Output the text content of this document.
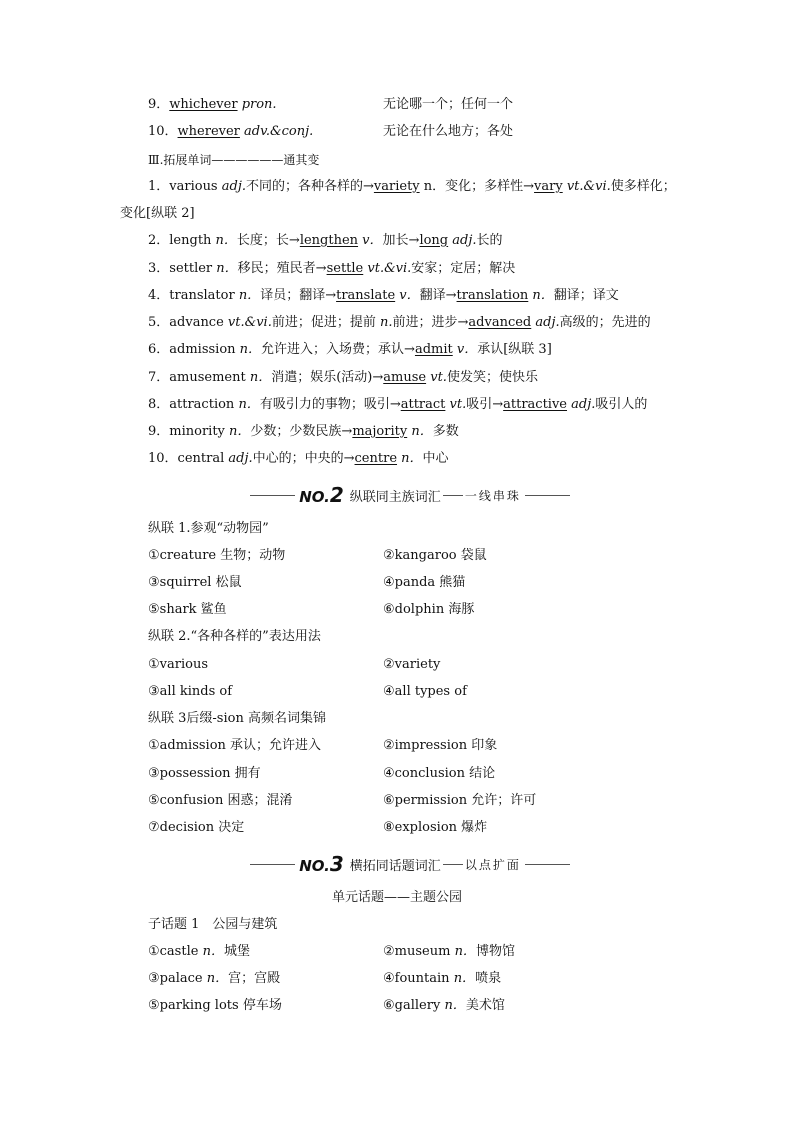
9．whichever pron.	无论哪一个；任何一个
10．wherever adv.&conj.	无论在什么地方；各处
Ⅲ.拓展单词——————通其变
1．various adj.不同的；各种各样的→variety n．变化；多样性→vary vt.&vi.使多样化；
变化[纵联 2]
2．length n．长度；长→lengthen v．加长→long adj.长的
3．settler n．移民；殖民者→settle vt.&vi.安家；定居；解决
4．translator n．译员；翻译→translate v．翻译→translation n．翻译；译文
5．advance vt.&vi.前进；促进；提前 n.前进；进步→advanced adj.高级的；先进的
6．admission n．允许进入；入场费；承认→admit v．承认[纵联 3]
7．amusement n．消遣；娱乐(活动)→amuse vt.使发笑；使快乐
8．attraction n．有吸引力的事物；吸引→attract vt.吸引→attractive adj.吸引人的
9．minority n．少数；少数民族→majority n．多数
10．central adj.中心的；中央的→centre n．中心
NO.2 纵联同主族词汇 一线串珠
纵联 1.参观“动物园”
①creature 生物；动物	②kangaroo 袋鼠
③squirrel 松鼠	④panda 熊猫
⑤shark 鲨鱼	⑥dolphin 海豚
纵联 2.“各种各样的”表达用法
①various	②variety
③all kinds of	④all types of
纵联 3后缀-sion 高频名词集锦
①admission 承认；允许进入	②impression 印象
③possession 拥有	④conclusion 结论
⑤confusion 困惑；混淆	⑥permission 允许；许可
⑦decision 决定	⑧explosion 爆炸
NO.3 横拓同话题词汇 以点扩面
单元话题——主题公园
子话题 1　公园与建筑
①castle n．城堡	②museum n．博物馆
③palace n．宫；宫殿	④fountain n．喷泉
⑤parking lots 停车场	⑥gallery n．美术馆
